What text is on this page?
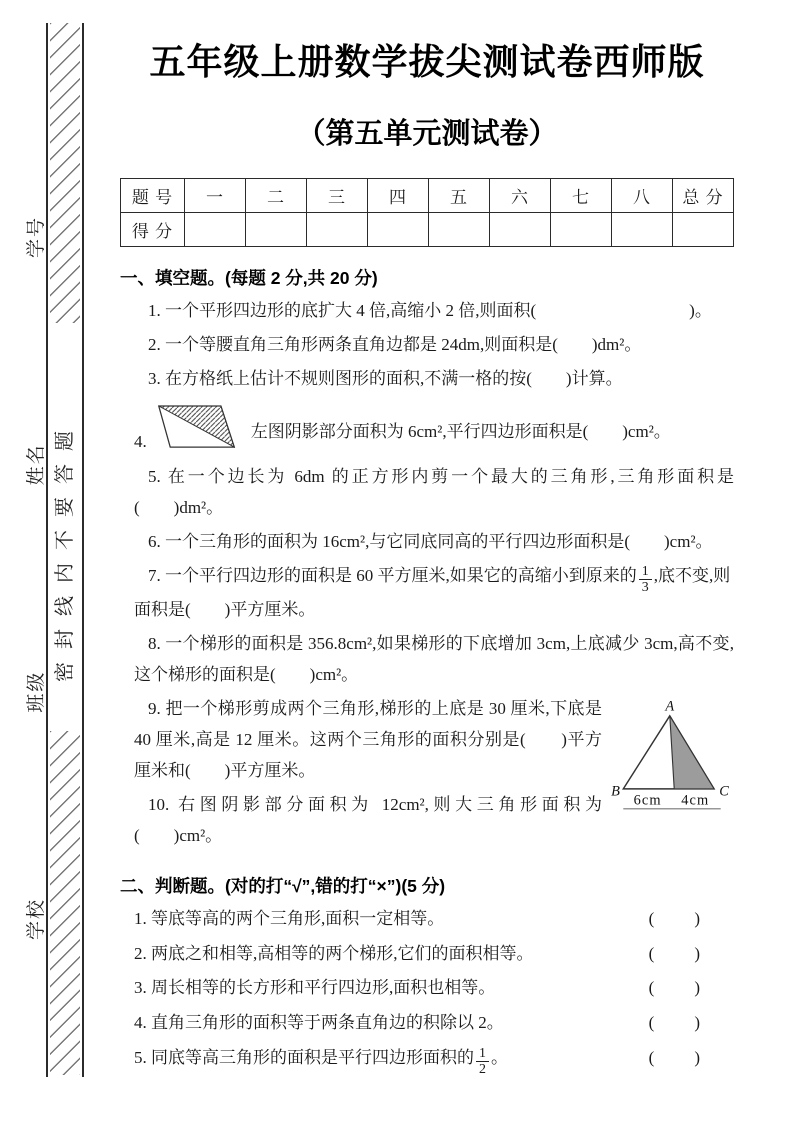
学校
班级
姓名
学号
密封线内不要答题
五年级上册数学拔尖测试卷西师版
（第五单元测试卷）
题 号	一	二	三	四	五	六	七	八	总 分
得 分									
一、填空题。(每题 2 分,共 20 分)

1. 一个平形四边形的底扩大 4 倍,高缩小 2 倍,则面积(　　　　　　　　　)。

2. 一个等腰直角三角形两条直角边都是 24dm,则面积是(　　)dm²。

3. 在方格纸上估计不规则图形的面积,不满一格的按(　　)计算。

4.
左图阴影部分面积为 6cm²,平行四边形面积是(　　)cm²。

5. 在一个边长为 6dm 的正方形内剪一个最大的三角形,三角形面积是(　　)dm²。

6. 一个三角形的面积为 16cm²,与它同底同高的平行四边形面积是(　　)cm²。

7. 一个平行四边形的面积是 60 平方厘米,如果它的高缩小到原来的 $\frac{1}{3}$ ,底不变,则面积是(　　)平方厘米。

8. 一个梯形的面积是 356.8cm²,如果梯形的下底增加 3cm,上底减少 3cm,高不变,这个梯形的面积是(　　)cm²。

A
B	C
6cm 4cm

9. 把一个梯形剪成两个三角形,梯形的上底是 30 厘米,下底是 40 厘米,高是 12 厘米。这两个三角形的面积分别是(　　)平方厘米和(　　)平方厘米。

10. 右图阴影部分面积为 12cm²,则大三角形面积为(　　)cm²。

二、判断题。(对的打“√”,错的打“×”)(5 分)
1. 等底等高的两个三角形,面积一定相等。	(　　)
2. 两底之和相等,高相等的两个梯形,它们的面积相等。	(　　)
3. 周长相等的长方形和平行四边形,面积也相等。	(　　)
4. 直角三角形的面积等于两条直角边的积除以 2。	(　　)
5. 同底等高三角形的面积是平行四边形面积的 $\frac{1}{2}$ 。	(　　)
